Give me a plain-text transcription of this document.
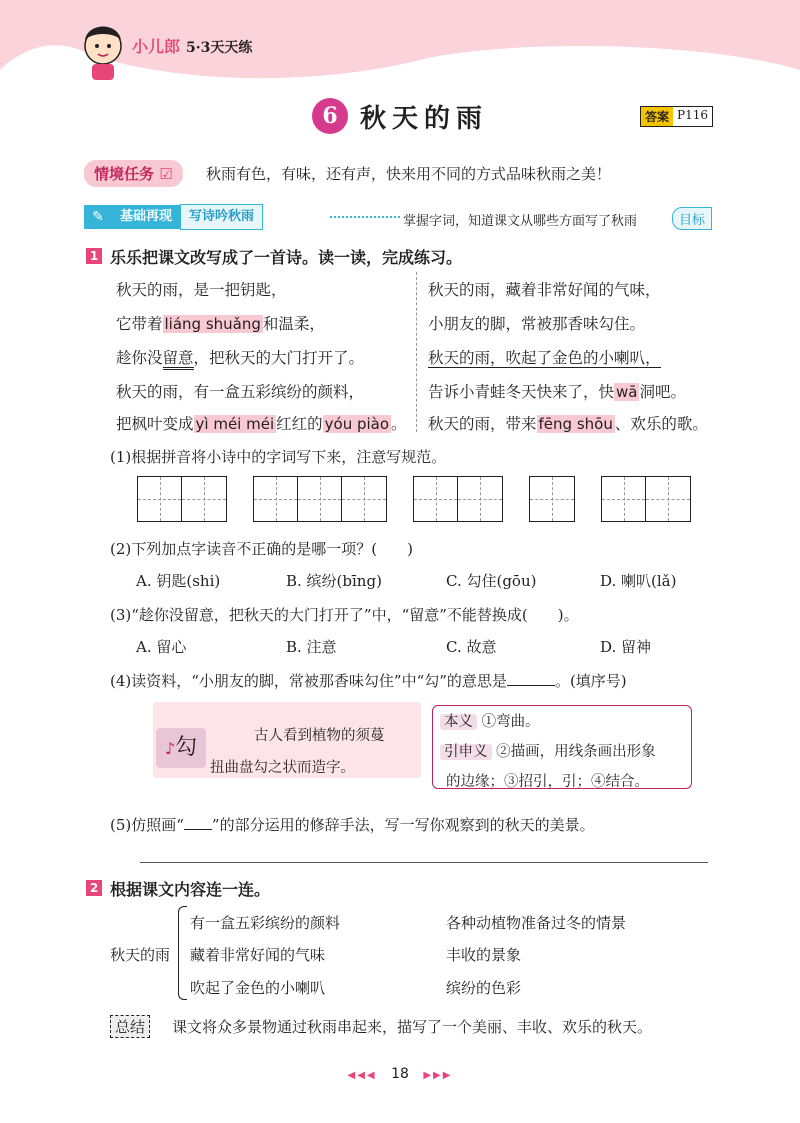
小儿郎 5·3天天练
6 秋天的雨	答案 P116
情境任务 ☑	秋雨有色，有味，还有声，快来用不同的方式品味秋雨之美！
✎	基础再现	写诗吟秋雨	掌握字词，知道课文从哪些方面写了秋雨	目标
1 乐乐把课文改写成了一首诗。读一读，完成练习。
秋天的雨，是一把钥匙，
它带着 liáng shuǎng 和温柔，
趁你没留意，把秋天的大门打开了。
秋天的雨，有一盒五彩缤纷的颜料，
把枫叶变成 yì méi méi 红红的 yóu piào 。
秋天的雨，藏着非常好闻的气味，
小朋友的脚，常被那香味勾住。
秋天的雨，吹起了金色的小喇叭，
告诉小青蛙冬天快来了，快 wā 洞吧。
秋天的雨，带来 fēng shōu 、欢乐的歌。
(1)根据拼音将小诗中的字词写下来，注意写规范。
(2)下列加点字读音不正确的是哪一项？(　　)
A. 钥匙(shi)	B. 缤纷(bīng)	C. 勾住(gōu)	D. 喇叭(lǎ)
(3)“趁你没留意，把秋天的大门打开了”中，“留意”不能替换成(　　)。
A. 留心	B. 注意	C. 故意	D. 留神
(4)读资料，“小朋友的脚，常被那香味勾住”中“勾”的意思是	。(填序号)
♪勾	古人看到植物的须蔓
扭曲盘勾之状而造字。
本义 ①弯曲。
引申义 ②描画，用线条画出形象
的边缘；③招引，引；④结合。
(5)仿照画“ ”的部分运用的修辞手法，写一写你观察到的秋天的美景。
2 根据课文内容连一连。
秋天的雨
有一盒五彩缤纷的颜料
藏着非常好闻的气味
吹起了金色的小喇叭
各种动植物准备过冬的情景
丰收的景象
缤纷的色彩
总结	课文将众多景物通过秋雨串起来，描写了一个美丽、丰收、欢乐的秋天。
◀◀◀ 18 ▶▶▶
